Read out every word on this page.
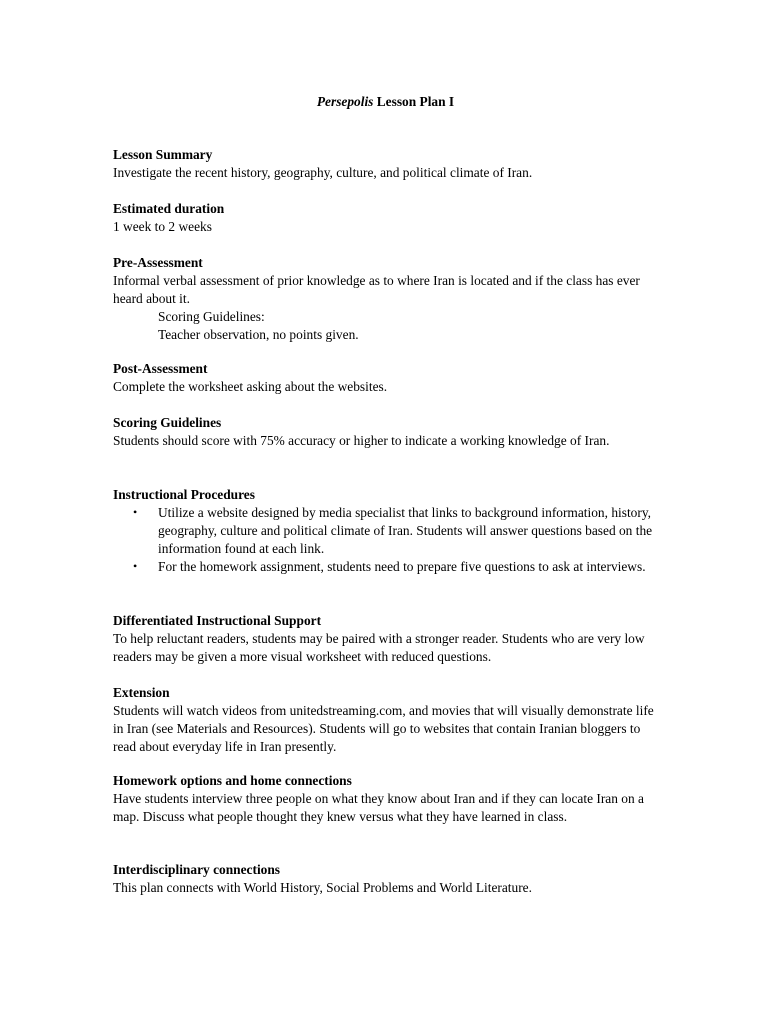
Persepolis Lesson Plan I
Lesson Summary
Investigate the recent history, geography, culture, and political climate of Iran.
Estimated duration
1 week to 2 weeks
Pre-Assessment
Informal verbal assessment of prior knowledge as to where Iran is located and if the class has ever heard about it.
Scoring Guidelines:
Teacher observation, no points given.
Post-Assessment
Complete the worksheet asking about the websites.
Scoring Guidelines
Students should score with 75% accuracy or higher to indicate a working knowledge of Iran.
Instructional Procedures
• Utilize a website designed by media specialist that links to background information, history, geography, culture and political climate of Iran. Students will answer questions based on the information found at each link.
• For the homework assignment, students need to prepare five questions to ask at interviews.
Differentiated Instructional Support
To help reluctant readers, students may be paired with a stronger reader. Students who are very low readers may be given a more visual worksheet with reduced questions.
Extension
Students will watch videos from unitedstreaming.com, and movies that will visually demonstrate life in Iran (see Materials and Resources). Students will go to websites that contain Iranian bloggers to read about everyday life in Iran presently.
Homework options and home connections
Have students interview three people on what they know about Iran and if they can locate Iran on a map. Discuss what people thought they knew versus what they have learned in class.
Interdisciplinary connections
This plan connects with World History, Social Problems and World Literature.
